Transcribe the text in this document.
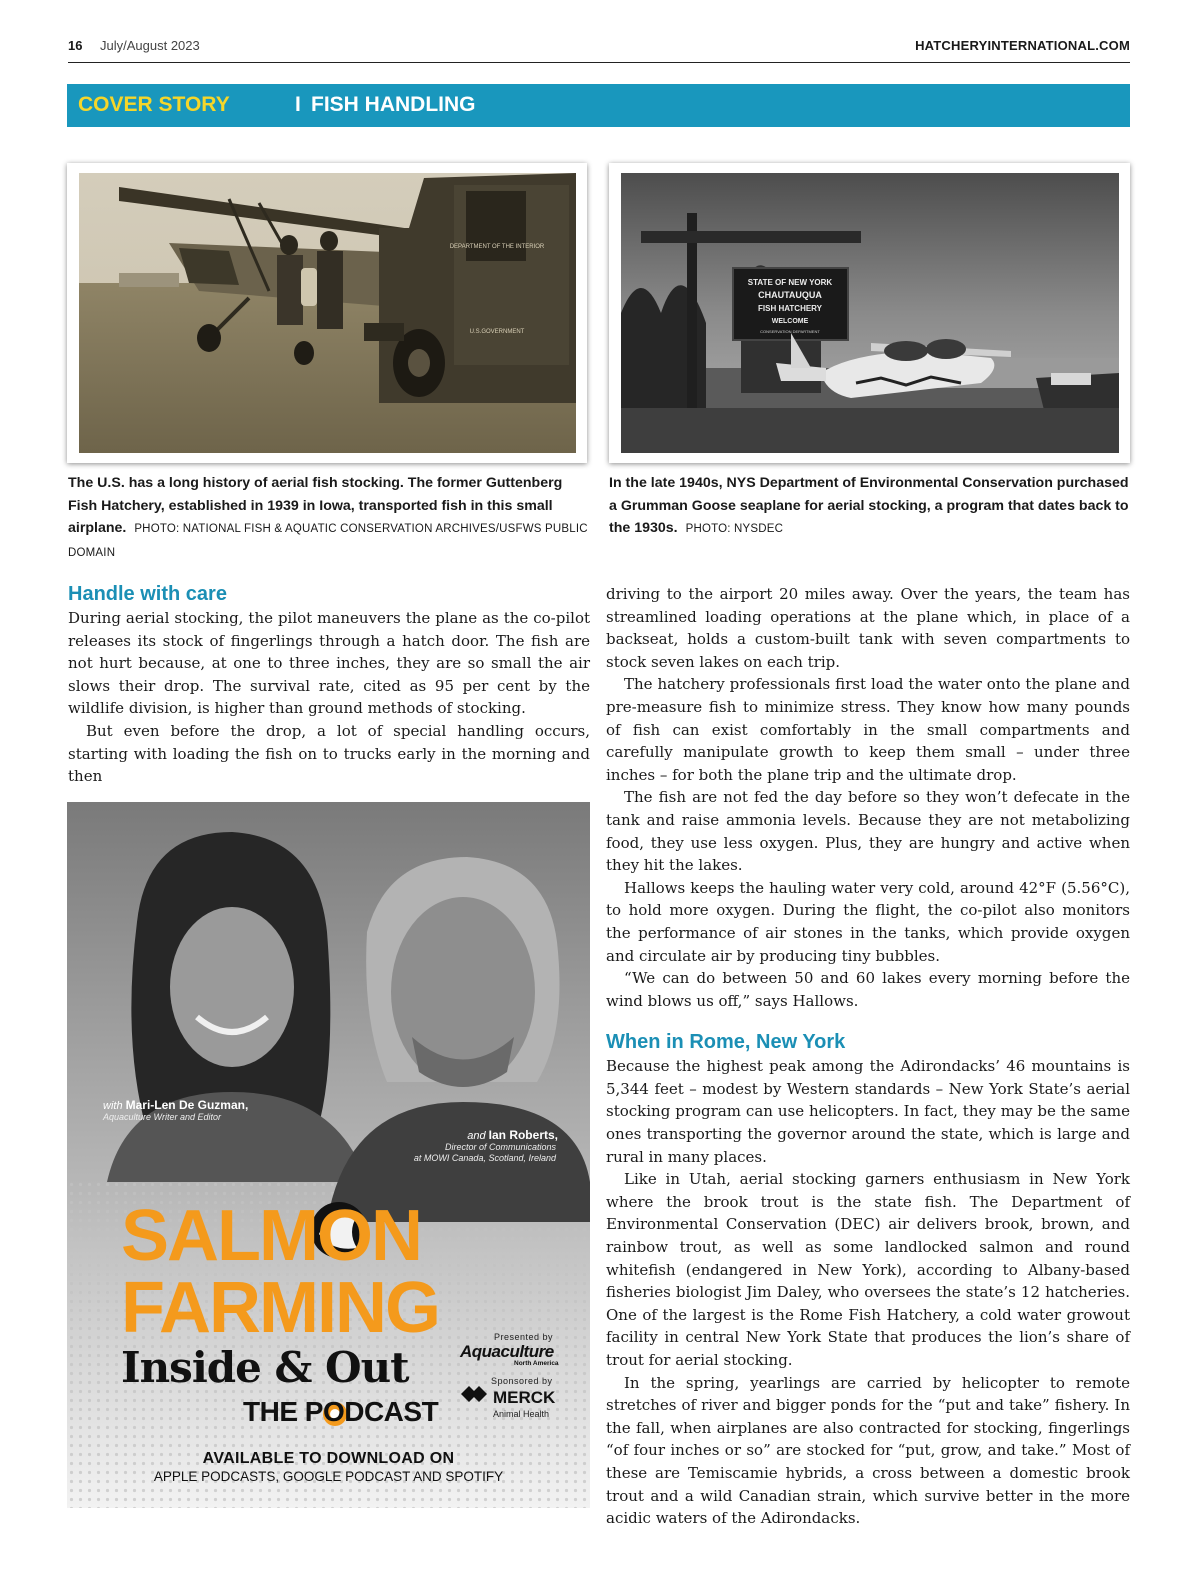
16 July/August 2023	HATCHERYINTERNATIONAL.COM
COVER STORY	I FISH HANDLING
DEPARTMENT OF THE INTERIOR
U.S.GOVERNMENT
STATE OF NEW YORK
CHAUTAUQUA
FISH HATCHERY
WELCOME
CONSERVATION DEPARTMENT
The U.S. has a long history of aerial fish stocking. The former Guttenberg Fish Hatchery, established in 1939 in Iowa, transported fish in this small airplane. PHOTO: NATIONAL FISH & AQUATIC CONSERVATION ARCHIVES/USFWS PUBLIC DOMAIN
In the late 1940s, NYS Department of Environmental Conservation purchased a Grumman Goose seaplane for aerial stocking, a program that dates back to the 1930s. PHOTO: NYSDEC
Handle with care

During aerial stocking, the pilot maneuvers the plane as the co-pilot releases its stock of fingerlings through a hatch door. The fish are not hurt because, at one to three inches, they are so small the air slows their drop. The survival rate, cited as 95 per cent by the wildlife division, is higher than ground methods of stocking.

But even before the drop, a lot of special handling occurs, starting with loading the fish on to trucks early in the morning and then

driving to the airport 20 miles away. Over the years, the team has streamlined loading operations at the plane which, in place of a backseat, holds a custom-built tank with seven compartments to stock seven lakes on each trip.

The hatchery professionals first load the water onto the plane and pre-measure fish to minimize stress. They know how many pounds of fish can exist comfortably in the small compartments and carefully manipulate growth to keep them small – under three inches – for both the plane trip and the ultimate drop.

The fish are not fed the day before so they won’t defecate in the tank and raise ammonia levels. Because they are not metabolizing food, they use less oxygen. Plus, they are hungry and active when they hit the lakes.

Hallows keeps the hauling water very cold, around 42°F (5.56°C), to hold more oxygen. During the flight, the co-pilot also monitors the performance of air stones in the tanks, which provide oxygen and circulate air by producing tiny bubbles.

“We can do between 50 and 60 lakes every morning before the wind blows us off,” says Hallows.

When in Rome, New York

Because the highest peak among the Adirondacks’ 46 mountains is 5,344 feet – modest by Western standards – New York State’s aerial stocking program can use helicopters. In fact, they may be the same ones transporting the governor around the state, which is large and rural in many places.

Like in Utah, aerial stocking garners enthusiasm in New York where the brook trout is the state fish. The Department of Environmental Conservation (DEC) air delivers brook, brown, and rainbow trout, as well as some landlocked salmon and round whitefish (endangered in New York), according to Albany-based fisheries biologist Jim Daley, who oversees the state’s 12 hatcheries. One of the largest is the Rome Fish Hatchery, a cold water growout facility in central New York State that produces the lion’s share of trout for aerial stocking.

In the spring, yearlings are carried by helicopter to remote stretches of river and bigger ponds for the “put and take” fishery. In the fall, when airplanes are also contracted for stocking, fingerlings “of four inches or so” are stocked for “put, grow, and take.” Most of these are Temiscamie hybrids, a cross between a domestic brook trout and a wild Canadian strain, which survive better in the more acidic waters of the Adirondacks.

with Mari-Len De Guzman,
Aquaculture Writer and Editor
and Ian Roberts,
Director of Communications
at MOWI Canada, Scotland, Ireland
SALMON
FARMING
Inside & Out
THE PODCAST
Presented by
Aquaculture
North America
Sponsored by
MERCK
Animal Health
AVAILABLE TO DOWNLOAD ON
APPLE PODCASTS, GOOGLE PODCAST AND SPOTIFY
